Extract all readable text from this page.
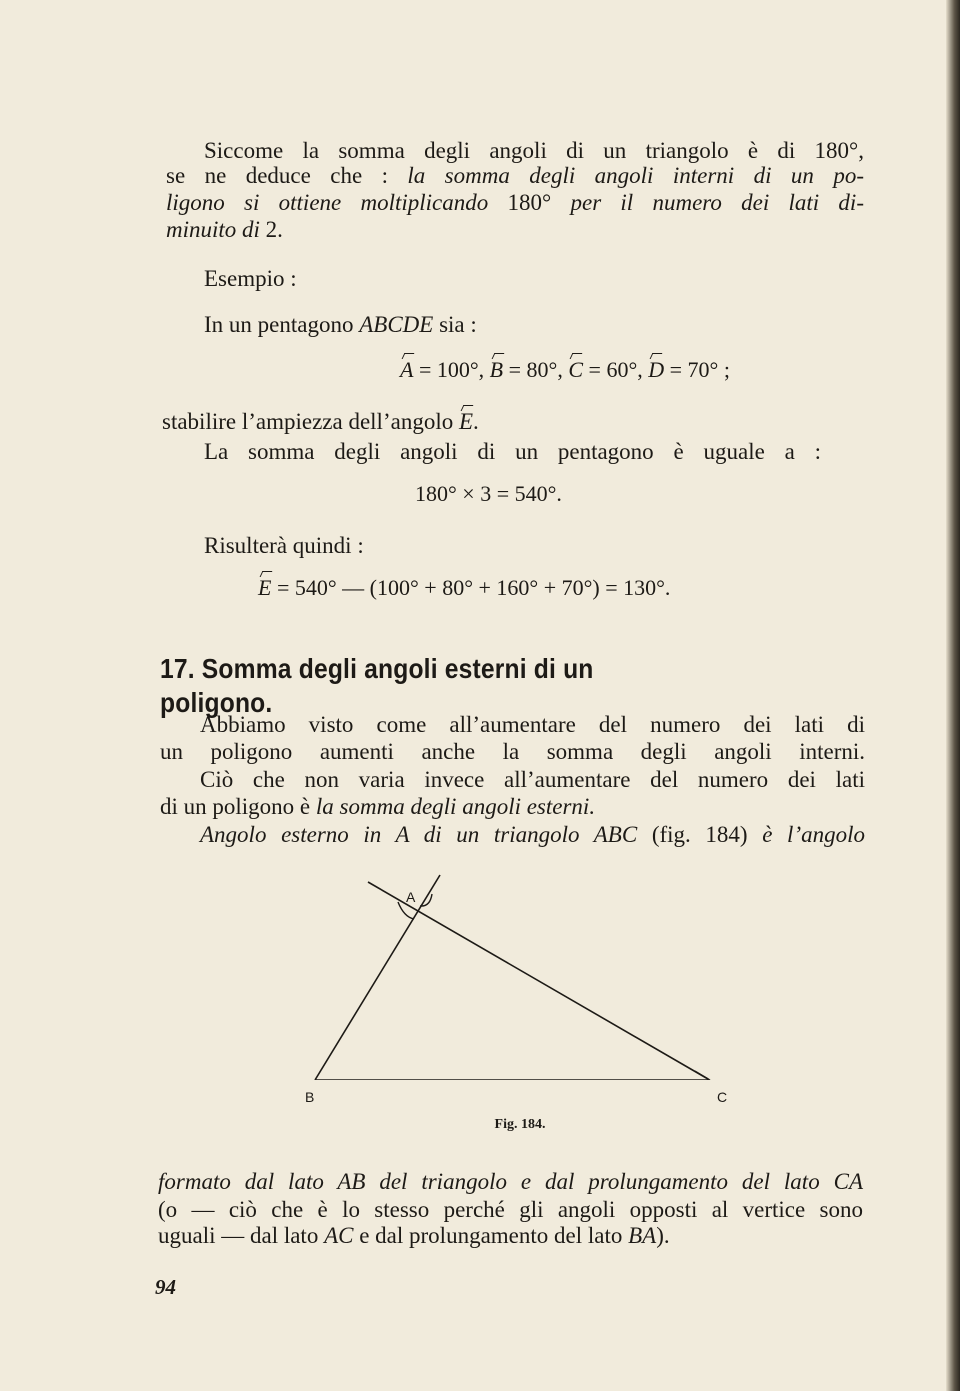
Siccome la somma degli angoli di un triangolo è di 180°,
se ne deduce che : la somma degli angoli interni di un po-
ligono si ottiene moltiplicando 180° per il numero dei lati di-
minuito di 2.
Esempio :
In un pentagono ABCDE sia :
A = 100°, B = 80°, C = 60°, D = 70° ;
stabilire l’ampiezza dell’angolo E.
La somma degli angoli di un pentagono è uguale a :
180° × 3 = 540°.
Risulterà quindi :
E = 540° — (100° + 80° + 160° + 70°) = 130°.
17. Somma degli angoli esterni di un poligono.
Abbiamo visto come all’aumentare del numero dei lati di
un poligono aumenti anche la somma degli angoli interni.
Ciò che non varia invece all’aumentare del numero dei lati
di un poligono è la somma degli angoli esterni.
Angolo esterno in A di un triangolo ABC (fig. 184) è l’angolo
A
B	C
Fig. 184.
formato dal lato AB del triangolo e dal prolungamento del lato CA
(o — ciò che è lo stesso perché gli angoli opposti al vertice sono
uguali — dal lato AC e dal prolungamento del lato BA).
94
